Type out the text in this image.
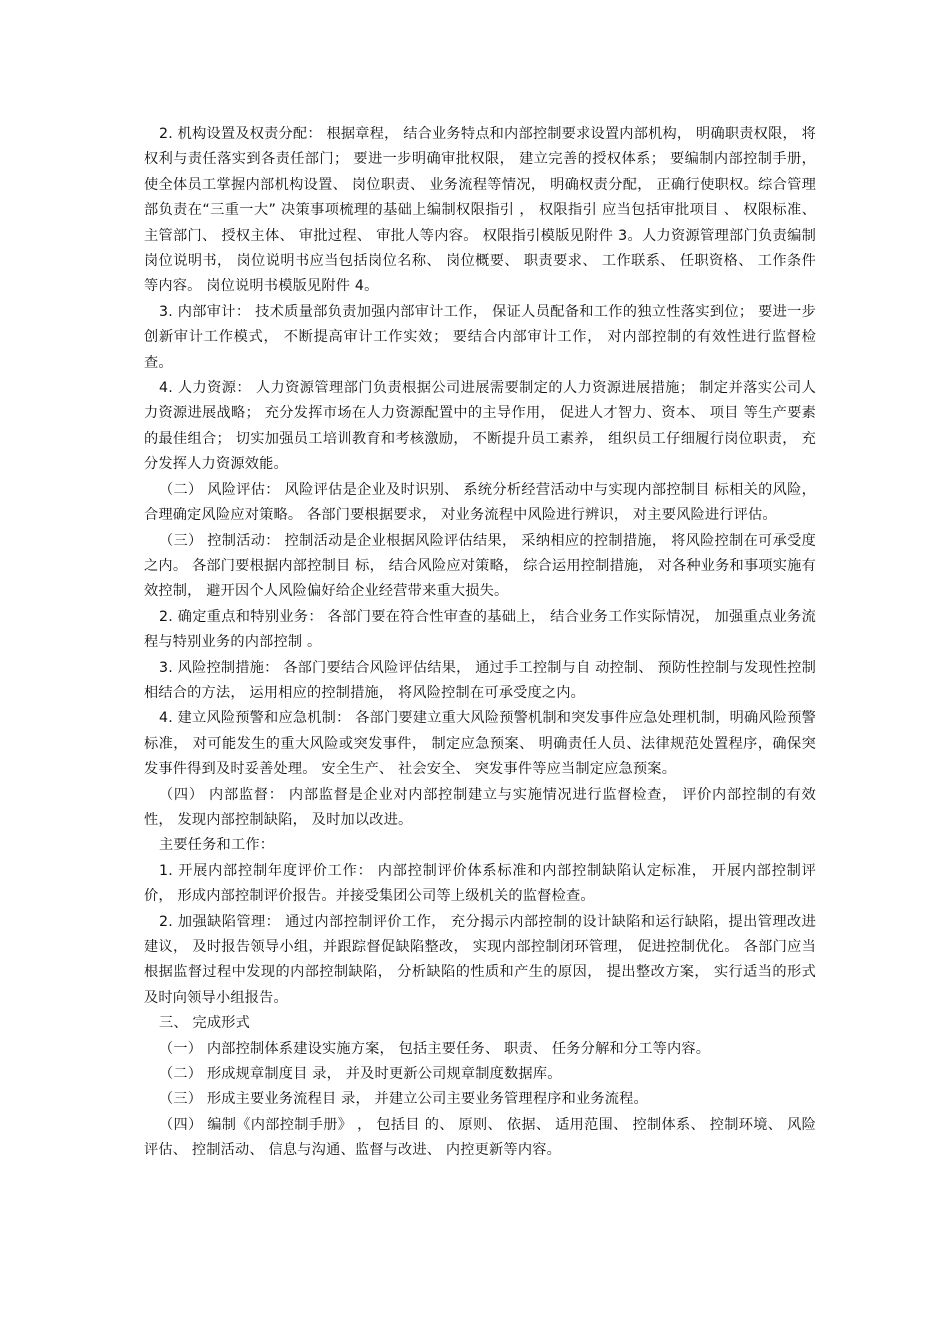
2. 机构设置及权责分配： 根据章程， 结合业务特点和内部控制要求设置内部机构， 明确职责权限， 将权利与责任落实到各责任部门； 要进一步明确审批权限， 建立完善的授权体系； 要编制内部控制手册， 使全体员工掌握内部机构设置、 岗位职责、 业务流程等情况， 明确权责分配， 正确行使职权。综合管理部负责在“三重一大” 决策事项梳理的基础上编制权限指引 ， 权限指引 应当包括审批项目 、 权限标准、 主管部门、 授权主体、 审批过程、 审批人等内容。 权限指引模版见附件 3。人力资源管理部门负责编制岗位说明书， 岗位说明书应当包括岗位名称、 岗位概要、 职责要求、 工作联系、 任职资格、 工作条件等内容。 岗位说明书模版见附件 4。

3. 内部审计： 技术质量部负责加强内部审计工作， 保证人员配备和工作的独立性落实到位； 要进一步创新审计工作模式， 不断提高审计工作实效； 要结合内部审计工作， 对内部控制的有效性进行监督检查。

4. 人力资源： 人力资源管理部门负责根据公司进展需要制定的人力资源进展措施； 制定并落实公司人力资源进展战略； 充分发挥市场在人力资源配置中的主导作用， 促进人才智力、资本、 项目 等生产要素的最佳组合； 切实加强员工培训教育和考核激励， 不断提升员工素养， 组织员工仔细履行岗位职责， 充分发挥人力资源效能。

（二） 风险评估： 风险评估是企业及时识别、 系统分析经营活动中与实现内部控制目 标相关的风险， 合理确定风险应对策略。 各部门要根据要求， 对业务流程中风险进行辨识， 对主要风险进行评估。

（三） 控制活动： 控制活动是企业根据风险评估结果， 采纳相应的控制措施， 将风险控制在可承受度之内。 各部门要根据内部控制目 标， 结合风险应对策略， 综合运用控制措施， 对各种业务和事项实施有效控制， 避开因个人风险偏好给企业经营带来重大损失。

2. 确定重点和特别业务： 各部门要在符合性审查的基础上， 结合业务工作实际情况， 加强重点业务流程与特别业务的内部控制 。

3. 风险控制措施： 各部门要结合风险评估结果， 通过手工控制与自 动控制、 预防性控制与发现性控制相结合的方法， 运用相应的控制措施， 将风险控制在可承受度之内。

4. 建立风险预警和应急机制： 各部门要建立重大风险预警机制和突发事件应急处理机制，明确风险预警标准， 对可能发生的重大风险或突发事件， 制定应急预案、 明确责任人员、法律规范处置程序，确保突发事件得到及时妥善处理。 安全生产、 社会安全、 突发事件等应当制定应急预案。

（四） 内部监督： 内部监督是企业对内部控制建立与实施情况进行监督检查， 评价内部控制的有效性， 发现内部控制缺陷， 及时加以改进。

主要任务和工作：

1. 开展内部控制年度评价工作： 内部控制评价体系标准和内部控制缺陷认定标准， 开展内部控制评价， 形成内部控制评价报告。并接受集团公司等上级机关的监督检查。

2. 加强缺陷管理： 通过内部控制评价工作， 充分揭示内部控制的设计缺陷和运行缺陷，提出管理改进建议， 及时报告领导小组，并跟踪督促缺陷整改， 实现内部控制闭环管理， 促进控制优化。 各部门应当根据监督过程中发现的内部控制缺陷， 分析缺陷的性质和产生的原因， 提出整改方案， 实行适当的形式及时向领导小组报告。

三、 完成形式

（一） 内部控制体系建设实施方案， 包括主要任务、 职责、 任务分解和分工等内容。

（二） 形成规章制度目 录， 并及时更新公司规章制度数据库。

（三） 形成主要业务流程目 录， 并建立公司主要业务管理程序和业务流程。

（四） 编制《内部控制手册》 ， 包括目 的、 原则、 依据、 适用范围、 控制体系、 控制环境、 风险评估、 控制活动、 信息与沟通、监督与改进、 内控更新等内容。
